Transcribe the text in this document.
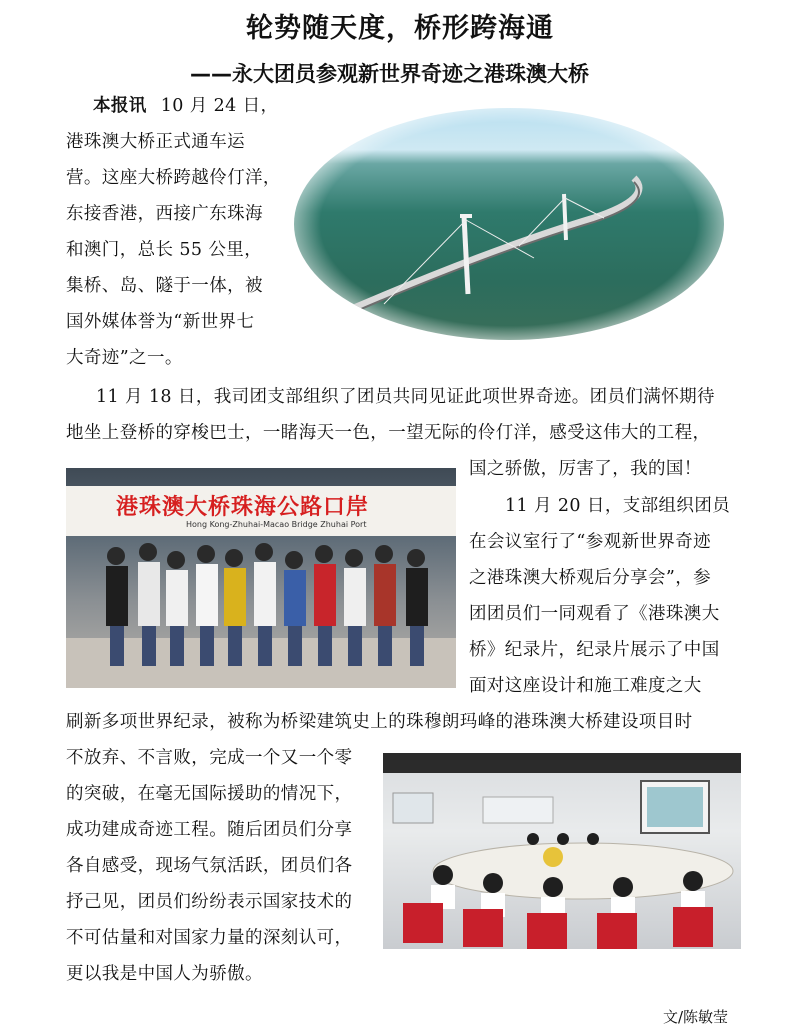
轮势随天度，桥形跨海通
——永大团员参观新世界奇迹之港珠澳大桥
本报讯 10 月 24 日，
港珠澳大桥正式通车运
营。这座大桥跨越伶仃洋，
东接香港，西接广东珠海
和澳门，总长 55 公里，
集桥、岛、隧于一体，被
国外媒体誉为“新世界七
大奇迹”之一。
11 月 18 日，我司团支部组织了团员共同见证此项世界奇迹。团员们满怀期待
地坐上登桥的穿梭巴士，一睹海天一色，一望无际的伶仃洋，感受这伟大的工程，
国之骄傲，厉害了，我的国！
港珠澳大桥珠海公路口岸
Hong Kong-Zhuhai-Macao Bridge Zhuhai Port
11 月 20 日，支部组织团员
在会议室行了“参观新世界奇迹
之港珠澳大桥观后分享会”，参
团团员们一同观看了《港珠澳大
桥》纪录片，纪录片展示了中国
面对这座设计和施工难度之大
刷新多项世界纪录，被称为桥梁建筑史上的珠穆朗玛峰的港珠澳大桥建设项目时
不放弃、不言败，完成一个又一个零
的突破，在毫无国际援助的情况下，
成功建成奇迹工程。随后团员们分享
各自感受，现场气氛活跃，团员们各
抒己见，团员们纷纷表示国家技术的
不可估量和对国家力量的深刻认可，
更以我是中国人为骄傲。
文/陈敏莹
